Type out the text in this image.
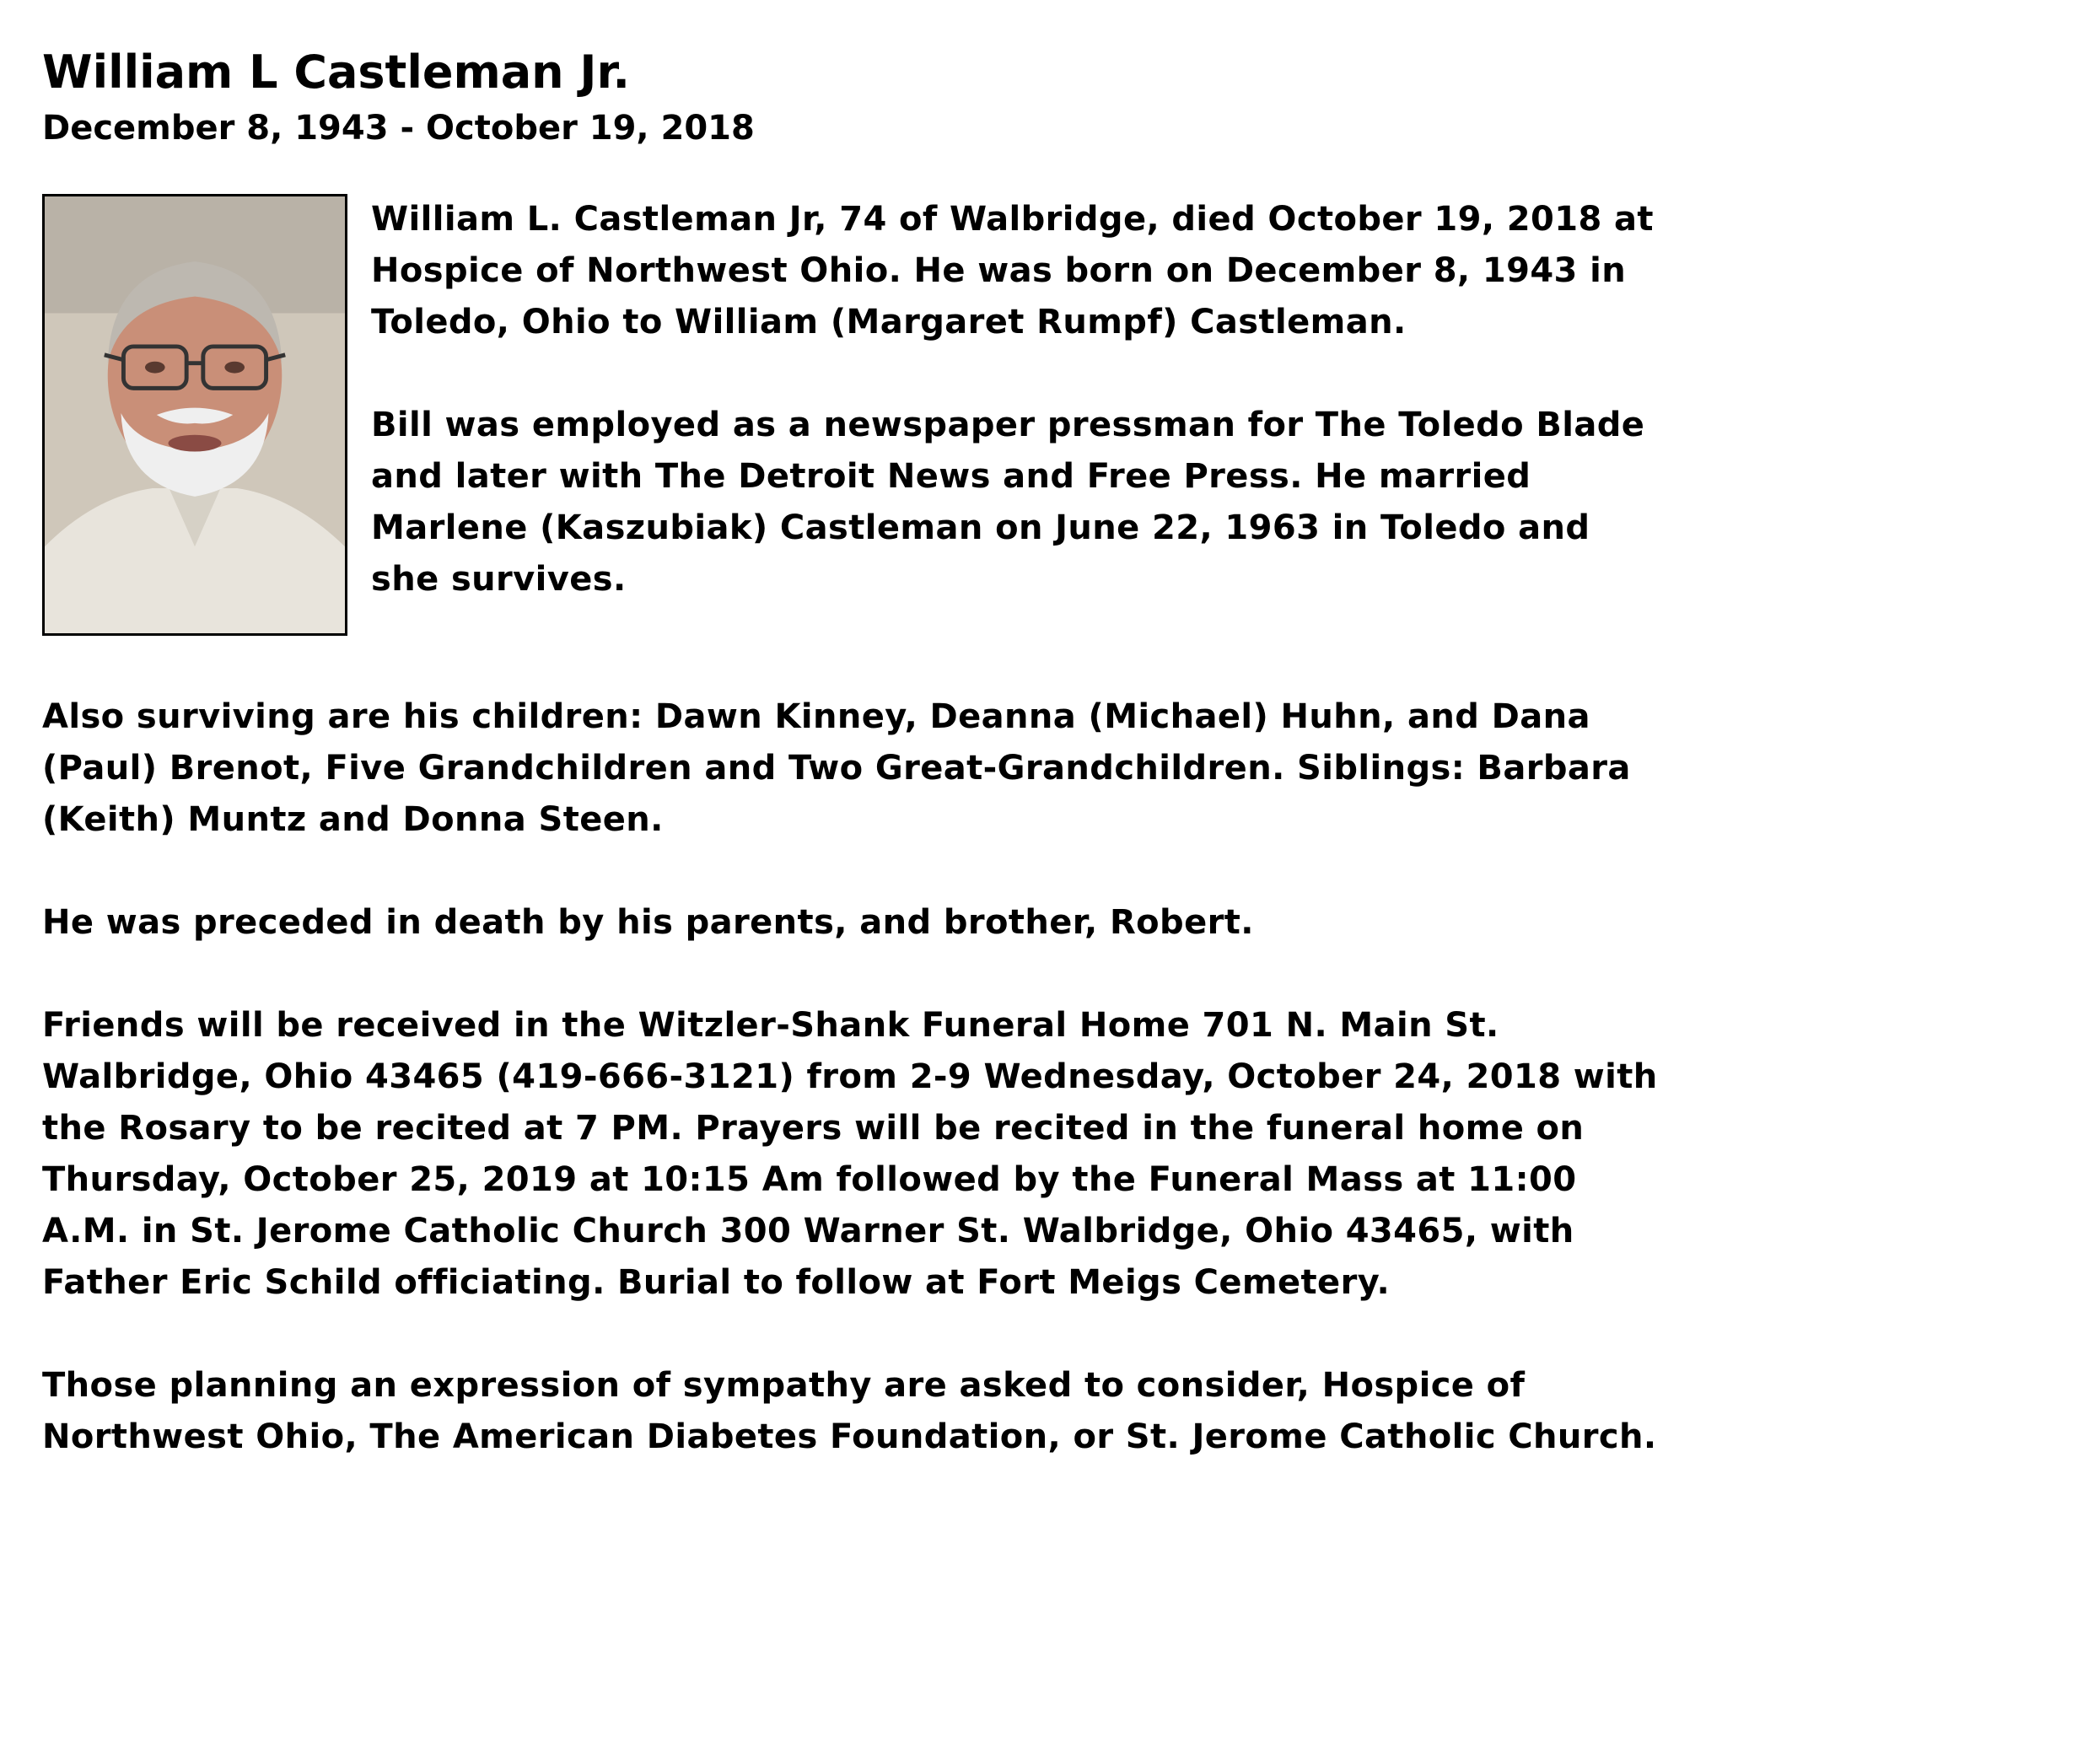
William L Castleman Jr.
December 8, 1943 - October 19, 2018

William L. Castleman Jr, 74 of Walbridge, died October 19, 2018 at Hospice of Northwest Ohio. He was born on December 8, 1943 in Toledo, Ohio to William (Margaret Rumpf) Castleman.

Bill was employed as a newspaper pressman for The Toledo Blade and later with The Detroit News and Free Press. He married Marlene (Kaszubiak) Castleman on June 22, 1963 in Toledo and she survives.

Also surviving are his children: Dawn Kinney, Deanna (Michael) Huhn, and Dana (Paul) Brenot, Five Grandchildren and Two Great-Grandchildren. Siblings: Barbara (Keith) Muntz and Donna Steen.

He was preceded in death by his parents, and brother, Robert.

Friends will be received in the Witzler-Shank Funeral Home 701 N. Main St. Walbridge, Ohio 43465 (419-666-3121) from 2-9 Wednesday, October 24, 2018 with the Rosary to be recited at 7 PM. Prayers will be recited in the funeral home on Thursday, October 25, 2019 at 10:15 Am followed by the Funeral Mass at 11:00 A.M. in St. Jerome Catholic Church 300 Warner St. Walbridge, Ohio 43465, with Father Eric Schild officiating. Burial to follow at Fort Meigs Cemetery.

Those planning an expression of sympathy are asked to consider, Hospice of Northwest Ohio, The American Diabetes Foundation, or St. Jerome Catholic Church.
